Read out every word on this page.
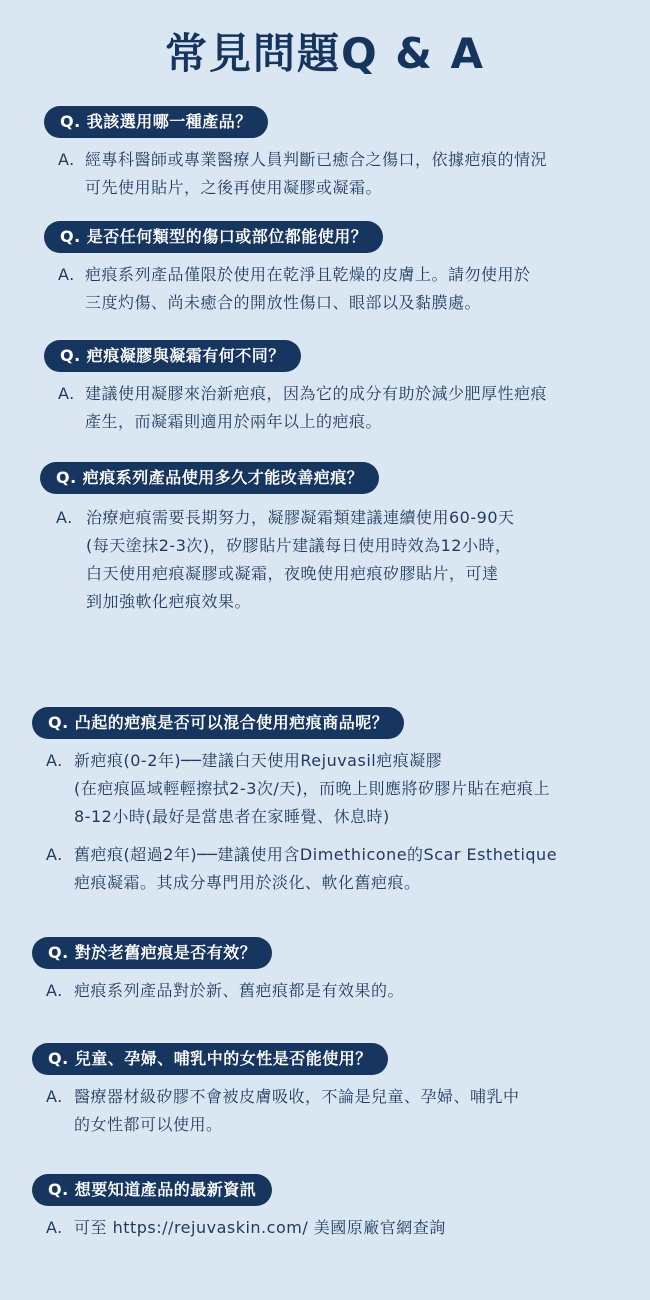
常見問題Q & A
Q. 我該選用哪一種產品？
A. 經專科醫師或專業醫療人員判斷已癒合之傷口，依據疤痕的情況
可先使用貼片，之後再使用凝膠或凝霜。
Q. 是否任何類型的傷口或部位都能使用？
A. 疤痕系列產品僅限於使用在乾淨且乾燥的皮膚上。請勿使用於
三度灼傷、尚未癒合的開放性傷口、眼部以及黏膜處。
Q. 疤痕凝膠與凝霜有何不同？
A. 建議使用凝膠來治新疤痕，因為它的成分有助於減少肥厚性疤痕
產生，而凝霜則適用於兩年以上的疤痕。
Q. 疤痕系列產品使用多久才能改善疤痕？
A. 治療疤痕需要長期努力，凝膠凝霜類建議連續使用60-90天
(每天塗抹2-3次)，矽膠貼片建議每日使用時效為12小時，
白天使用疤痕凝膠或凝霜，夜晚使用疤痕矽膠貼片，可達
到加強軟化疤痕效果。
Q. 凸起的疤痕是否可以混合使用疤痕商品呢？
A. 新疤痕(0-2年)──建議白天使用Rejuvasil疤痕凝膠
(在疤痕區域輕輕擦拭2-3次/天)，而晚上則應將矽膠片貼在疤痕上
8-12小時(最好是當患者在家睡覺、休息時)
A. 舊疤痕(超過2年)──建議使用含Dimethicone的Scar Esthetique
疤痕凝霜。其成分專門用於淡化、軟化舊疤痕。
Q. 對於老舊疤痕是否有效？
A. 疤痕系列產品對於新、舊疤痕都是有效果的。
Q. 兒童、孕婦、哺乳中的女性是否能使用？
A. 醫療器材級矽膠不會被皮膚吸收，不論是兒童、孕婦、哺乳中
的女性都可以使用。
Q. 想要知道產品的最新資訊
A. 可至 https://rejuvaskin.com/ 美國原廠官網查詢
